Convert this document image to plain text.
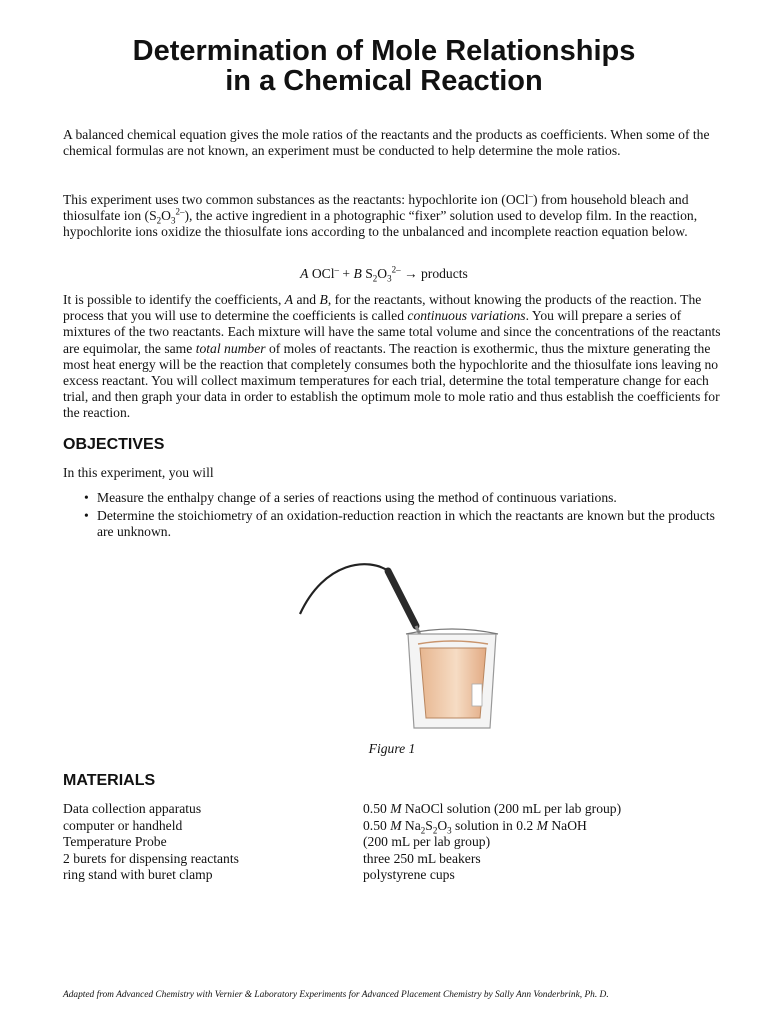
Determination of Mole Relationships
in a Chemical Reaction

A balanced chemical equation gives the mole ratios of the reactants and the products as coefficients. When some of the chemical formulas are not known, an experiment must be conducted to help determine the mole ratios.

This experiment uses two common substances as the reactants: hypochlorite ion (OCl–) from household bleach and thiosulfate ion $(S_2O_3^{2-})$, the active ingredient in a photographic “fixer” solution used to develop film. In the reaction, hypochlorite ions oxidize the thiosulfate ions according to the unbalanced and incomplete reaction equation below.

A OCl– + B $S_2O_3^{2-}$ → products

It is possible to identify the coefficients, A and B, for the reactants, without knowing the products of the reaction. The process that you will use to determine the coefficients is called continuous variations. You will prepare a series of mixtures of the two reactants. Each mixture will have the same total volume and since the concentrations of the reactants are equimolar, the same total number of moles of reactants. The reaction is exothermic, thus the mixture generating the most heat energy will be the reaction that completely consumes both the hypochlorite and the thiosulfate ions leaving no excess reactant. You will collect maximum temperatures for each trial, determine the total temperature change for each trial, and then graph your data in order to establish the optimum mole to mole ratio and thus establish the coefficients for the reaction.

OBJECTIVES
In this experiment, you will
• Measure the enthalpy change of a series of reactions using the method of continuous variations.
• Determine the stoichiometry of an oxidation-reduction reaction in which the reactants are known but the products are unknown.
Figure 1
MATERIALS
Data collection apparatus
computer or handheld
Temperature Probe
2 burets for dispensing reactants
ring stand with buret clamp
0.50 M NaOCl solution (200 mL per lab group)
0.50 M $Na_2S_2O_3$ solution in 0.2 M NaOH
(200 mL per lab group)
three 250 mL beakers
polystyrene cups
Adapted from Advanced Chemistry with Vernier & Laboratory Experiments for Advanced Placement Chemistry by Sally Ann Vonderbrink, Ph. D.
